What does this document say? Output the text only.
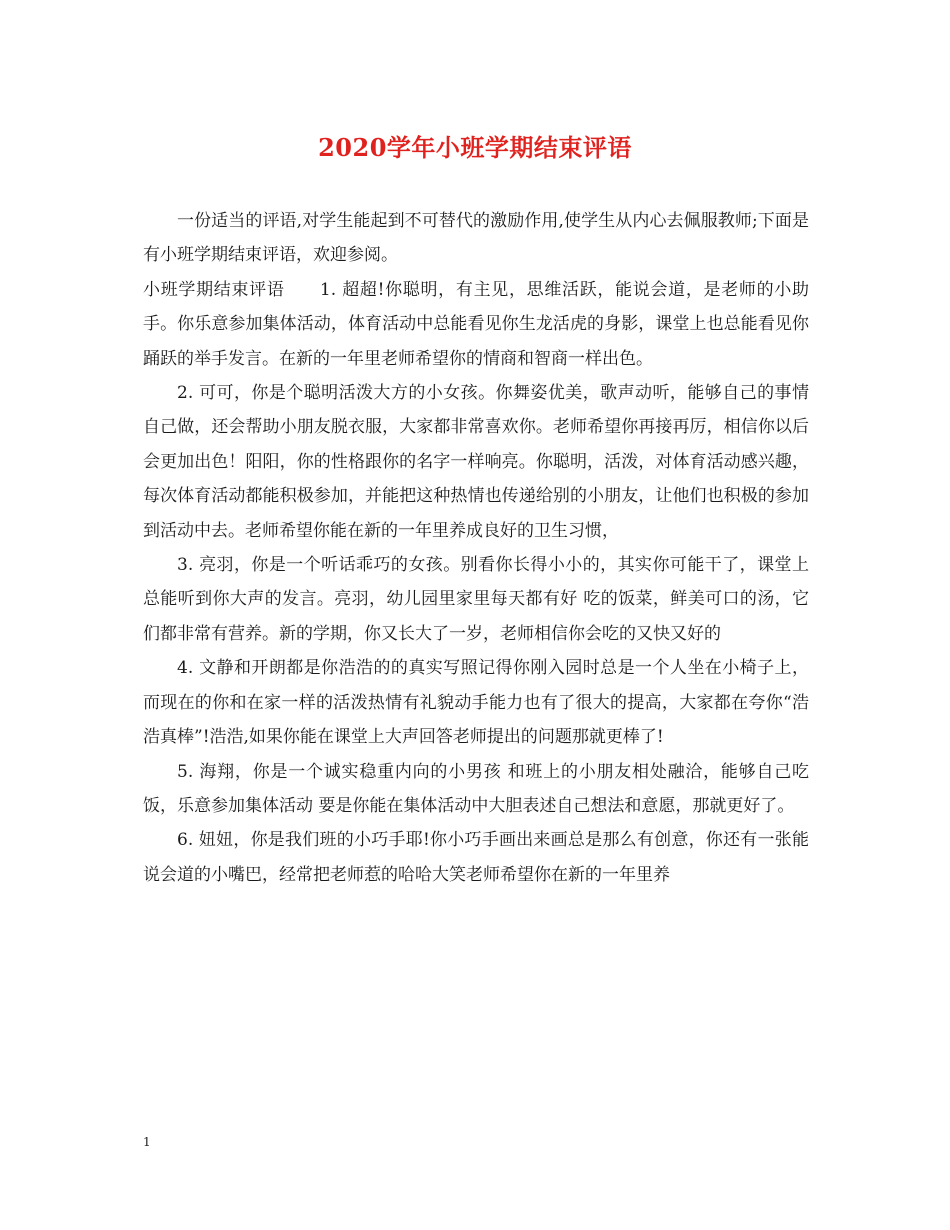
2020学年小班学期结束评语

一份适当的评语,对学生能起到不可替代的激励作用,使学生从内心去佩服教师;下面是有小班学期结束评语，欢迎参阅。

小班学期结束评语　　1. 超超!你聪明，有主见，思维活跃，能说会道，是老师的小助手。你乐意参加集体活动，体育活动中总能看见你生龙活虎的身影，课堂上也总能看见你踊跃的举手发言。在新的一年里老师希望你的情商和智商一样出色。

2. 可可，你是个聪明活泼大方的小女孩。你舞姿优美，歌声动听，能够自己的事情自己做，还会帮助小朋友脱衣服，大家都非常喜欢你。老师希望你再接再厉，相信你以后会更加出色！阳阳，你的性格跟你的名字一样响亮。你聪明，活泼，对体育活动感兴趣，每次体育活动都能积极参加，并能把这种热情也传递给别的小朋友，让他们也积极的参加到活动中去。老师希望你能在新的一年里养成良好的卫生习惯，

3. 亮羽，你是一个听话乖巧的女孩。别看你长得小小的，其实你可能干了，课堂上总能听到你大声的发言。亮羽，幼儿园里家里每天都有好 吃的饭菜，鲜美可口的汤，它们都非常有营养。新的学期，你又长大了一岁，老师相信你会吃的又快又好的

4. 文静和开朗都是你浩浩的的真实写照记得你刚入园时总是一个人坐在小椅子上，而现在的你和在家一样的活泼热情有礼貌动手能力也有了很大的提高，大家都在夸你“浩浩真棒”!浩浩,如果你能在课堂上大声回答老师提出的问题那就更棒了!

5. 海翔，你是一个诚实稳重内向的小男孩 和班上的小朋友相处融洽，能够自己吃饭，乐意参加集体活动 要是你能在集体活动中大胆表述自己想法和意愿，那就更好了。

6. 妞妞，你是我们班的小巧手耶!你小巧手画出来画总是那么有创意，你还有一张能说会道的小嘴巴，经常把老师惹的哈哈大笑老师希望你在新的一年里养

1
